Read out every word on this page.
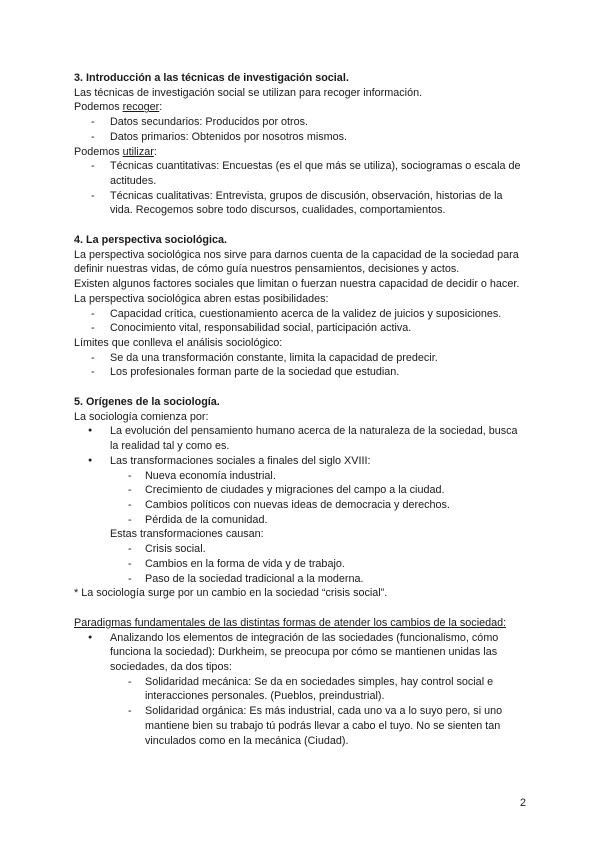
3. Introducción a las técnicas de investigación social.

Las técnicas de investigación social se utilizan para recoger información.

Podemos recoger:

- Datos secundarios: Producidos por otros.
- Datos primarios: Obtenidos por nosotros mismos.

Podemos utilizar:

- Técnicas cuantitativas: Encuestas (es el que más se utiliza), sociogramas o escala de actitudes.
- Técnicas cualitativas: Entrevista, grupos de discusión, observación, historias de la vida. Recogemos sobre todo discursos, cualidades, comportamientos.

4. La perspectiva sociológica.

La perspectiva sociológica nos sirve para darnos cuenta de la capacidad de la sociedad para definir nuestras vidas, de cómo guía nuestros pensamientos, decisiones y actos.

Existen algunos factores sociales que limitan o fuerzan nuestra capacidad de decidir o hacer.

La perspectiva sociológica abren estas posibilidades:

- Capacidad crítica, cuestionamiento acerca de la validez de juicios y suposiciones.
- Conocimiento vital, responsabilidad social, participación activa.

Límites que conlleva el análisis sociológico:

- Se da una transformación constante, limita la capacidad de predecir.
- Los profesionales forman parte de la sociedad que estudian.

5. Orígenes de la sociología.

La sociología comienza por:

● La evolución del pensamiento humano acerca de la naturaleza de la sociedad, busca la realidad tal y como es.
● Las transformaciones sociales a finales del siglo XVIII:
- Nueva economía industrial.
- Crecimiento de ciudades y migraciones del campo a la ciudad.
- Cambios políticos con nuevas ideas de democracia y derechos.
- Pérdida de la comunidad.

Estas transformaciones causan:

- Crisis social.
- Cambios en la forma de vida y de trabajo.
- Paso de la sociedad tradicional a la moderna.

* La sociología surge por un cambio en la sociedad “crisis social”.

Paradigmas fundamentales de las distintas formas de atender los cambios de la sociedad:

● Analizando los elementos de integración de las sociedades (funcionalismo, cómo funciona la sociedad): Durkheim, se preocupa por cómo se mantienen unidas las sociedades, da dos tipos:
- Solidaridad mecánica: Se da en sociedades simples, hay control social e interacciones personales. (Pueblos, preindustrial).
- Solidaridad orgánica: Es más industrial, cada uno va a lo suyo pero, si uno mantiene bien su trabajo tú podrás llevar a cabo el tuyo. No se sienten tan vinculados como en la mecánica (Ciudad).
2
